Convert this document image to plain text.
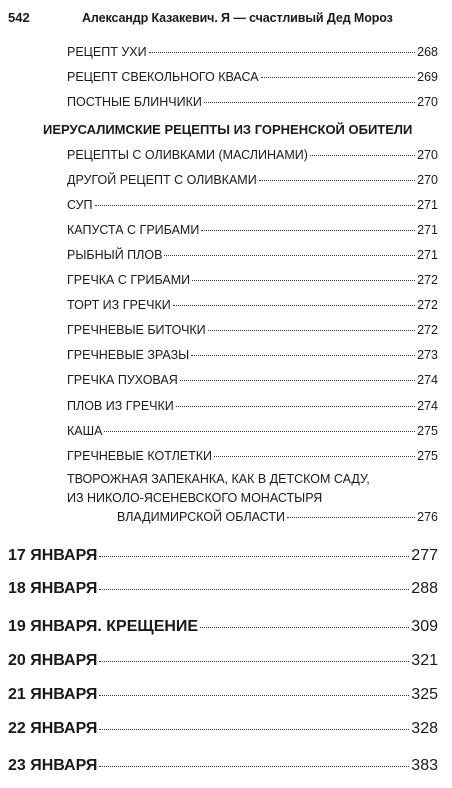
542	Александр Казакевич. Я — счастливый Дед Мороз
РЕЦЕПТ УХИ	268
РЕЦЕПТ СВЕКОЛЬНОГО КВАСА	269
ПОСТНЫЕ БЛИНЧИКИ	270
ИЕРУСАЛИМСКИЕ РЕЦЕПТЫ ИЗ ГОРНЕНСКОЙ ОБИТЕЛИ
РЕЦЕПТЫ С ОЛИВКАМИ (МАСЛИНАМИ)	270
ДРУГОЙ РЕЦЕПТ С ОЛИВКАМИ	270
СУП	271
КАПУСТА С ГРИБАМИ	271
РЫБНЫЙ ПЛОВ	271
ГРЕЧКА С ГРИБАМИ	272
ТОРТ ИЗ ГРЕЧКИ	272
ГРЕЧНЕВЫЕ БИТОЧКИ	272
ГРЕЧНЕВЫЕ ЗРАЗЫ	273
ГРЕЧКА ПУХОВАЯ	274
ПЛОВ ИЗ ГРЕЧКИ	274
КАША	275
ГРЕЧНЕВЫЕ КОТЛЕТКИ	275
ТВОРОЖНАЯ ЗАПЕКАНКА, КАК В ДЕТСКОМ САДУ,
ИЗ НИКОЛО-ЯСЕНЕВСКОГО МОНАСТЫРЯ
ВЛАДИМИРСКОЙ ОБЛАСТИ	276
17 ЯНВАРЯ	277
18 ЯНВАРЯ	288
19 ЯНВАРЯ. КРЕЩЕНИЕ	309
20 ЯНВАРЯ	321
21 ЯНВАРЯ	325
22 ЯНВАРЯ	328
23 ЯНВАРЯ	383
